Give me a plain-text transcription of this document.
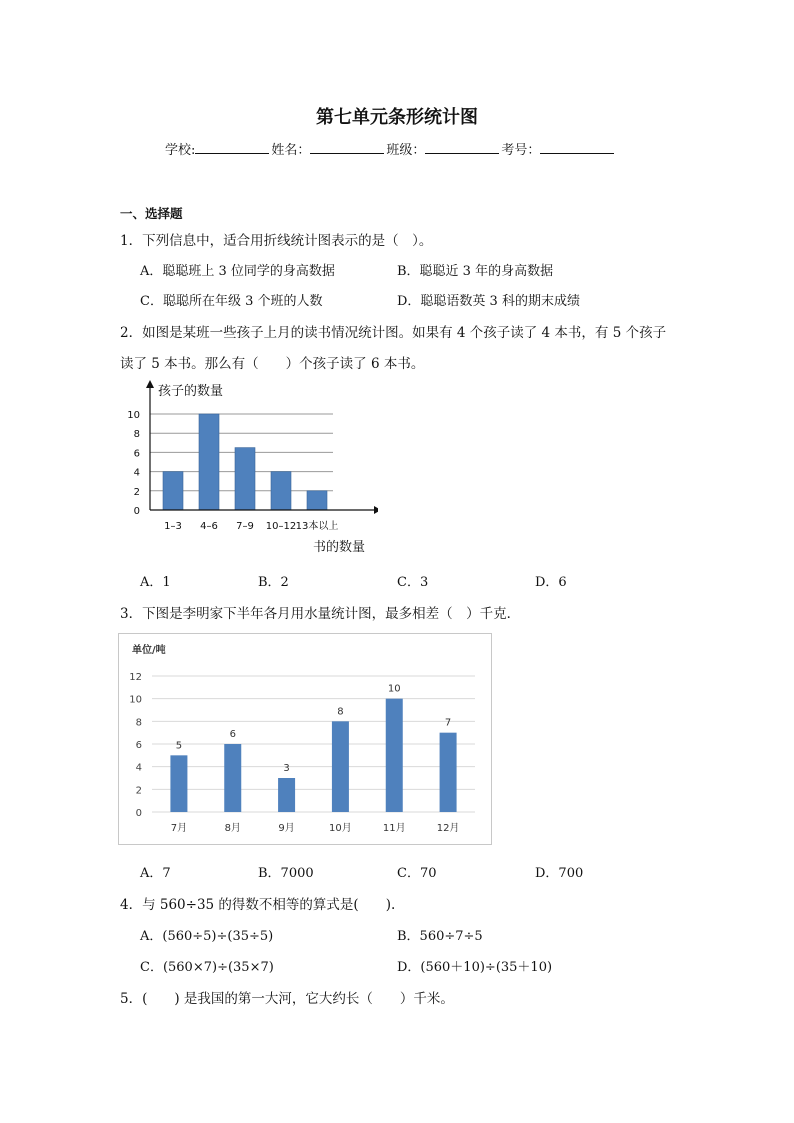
第七单元条形统计图
学校:	姓名：	班级：	考号：
一、选择题
1．下列信息中，适合用折线统计图表示的是（　）。
A．聪聪班上 3 位同学的身高数据	B．聪聪近 3 年的身高数据
C．聪聪所在年级 3 个班的人数	D．聪聪语数英 3 科的期末成绩
2．如图是某班一些孩子上月的读书情况统计图。如果有 4 个孩子读了 4 本书，有 5 个孩子
读了 5 本书。那么有（　　）个孩子读了 6 本书。
0
2
4
6
8
10
1–3 4–6 7–9 10–12 13本以上
孩子的数量
书的数量
A．1	B．2	C．3	D．6
3．下图是李明家下半年各月用水量统计图，最多相差（　）千克．
单位/吨
0
2
4
6
8
10
12
5
6
3
8
10
7
7月	8月	9月	10月	11月	12月
A．7	B．7000	C．70	D．700
4．与 560÷35 的得数不相等的算式是(　　).
A．(560÷5)÷(35÷5)	B．560÷7÷5
C．(560×7)÷(35×7)	D．(560＋10)÷(35＋10)
5．(　　) 是我国的第一大河，它大约长（　　）千米。
